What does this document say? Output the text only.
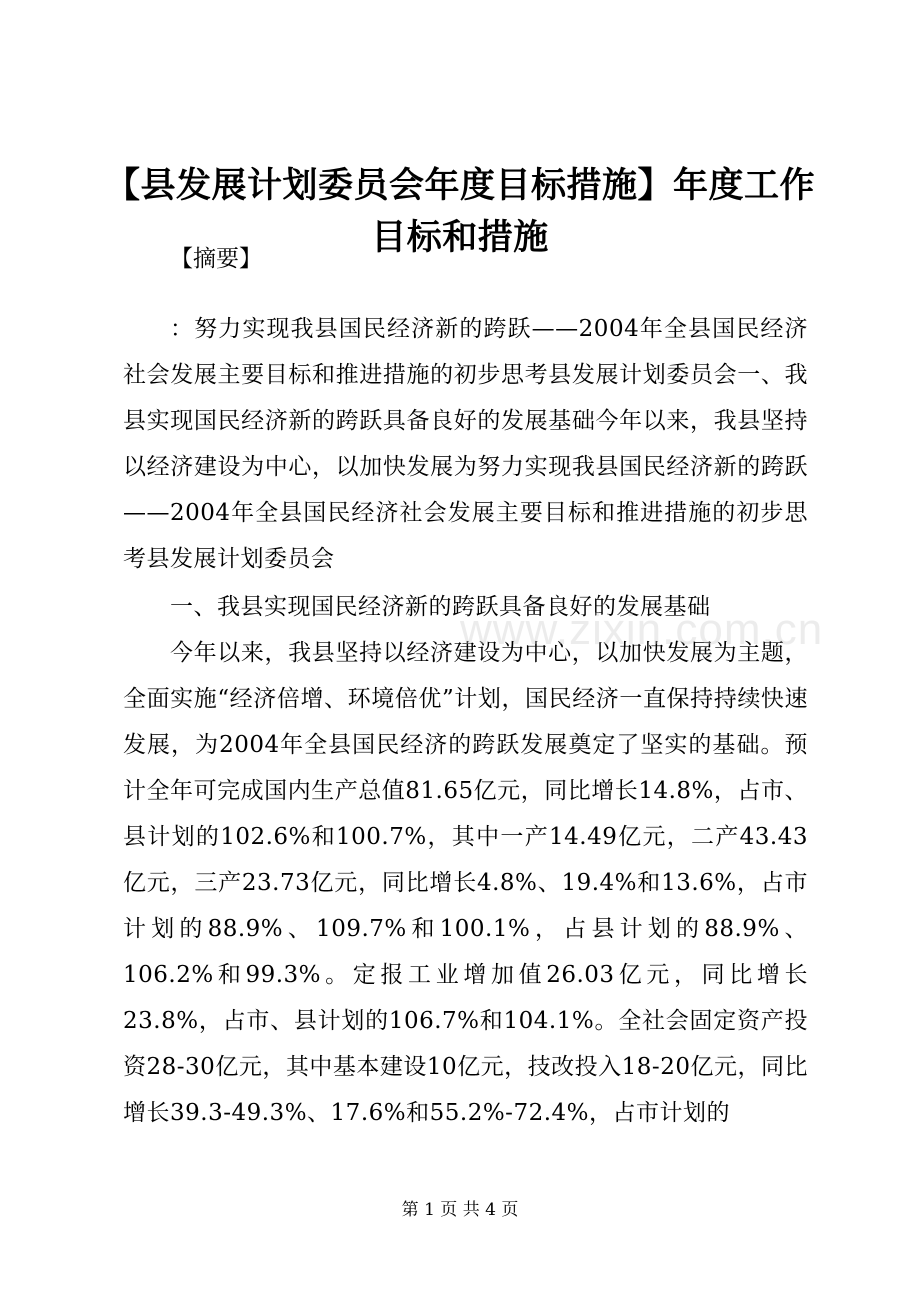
【县发展计划委员会年度目标措施】年度工作目标和措施
【摘要】
：努力实现我县国民经济新的跨跃——2004年全县国民经济社会发展主要目标和推进措施的初步思考县发展计划委员会一、我县实现国民经济新的跨跃具备良好的发展基础今年以来，我县坚持以经济建设为中心，以加快发展为努力实现我县国民经济新的跨跃——2004年全县国民经济社会发展主要目标和推进措施的初步思考县发展计划委员会
一、我县实现国民经济新的跨跃具备良好的发展基础
今年以来，我县坚持以经济建设为中心，以加快发展为主题，全面实施“经济倍增、环境倍优”计划，国民经济一直保持持续快速发展，为2004年全县国民经济的跨跃发展奠定了坚实的基础。预计全年可完成国内生产总值81.65亿元，同比增长14.8%，占市、县计划的102.6%和100.7%，其中一产14.49亿元，二产43.43亿元，三产23.73亿元，同比增长4.8%、19.4%和13.6%，占市计划的88.9%、109.7%和100.1%，占县计划的88.9%、106.2%和99.3%。定报工业增加值26.03亿元，同比增长23.8%，占市、县计划的106.7%和104.1%。全社会固定资产投资28-30亿元，其中基本建设10亿元，技改投入18-20亿元，同比增长39.3-49.3%、17.6%和55.2%-72.4%，占市计划的
www.zixin.com.cn
第 1 页 共 4 页
